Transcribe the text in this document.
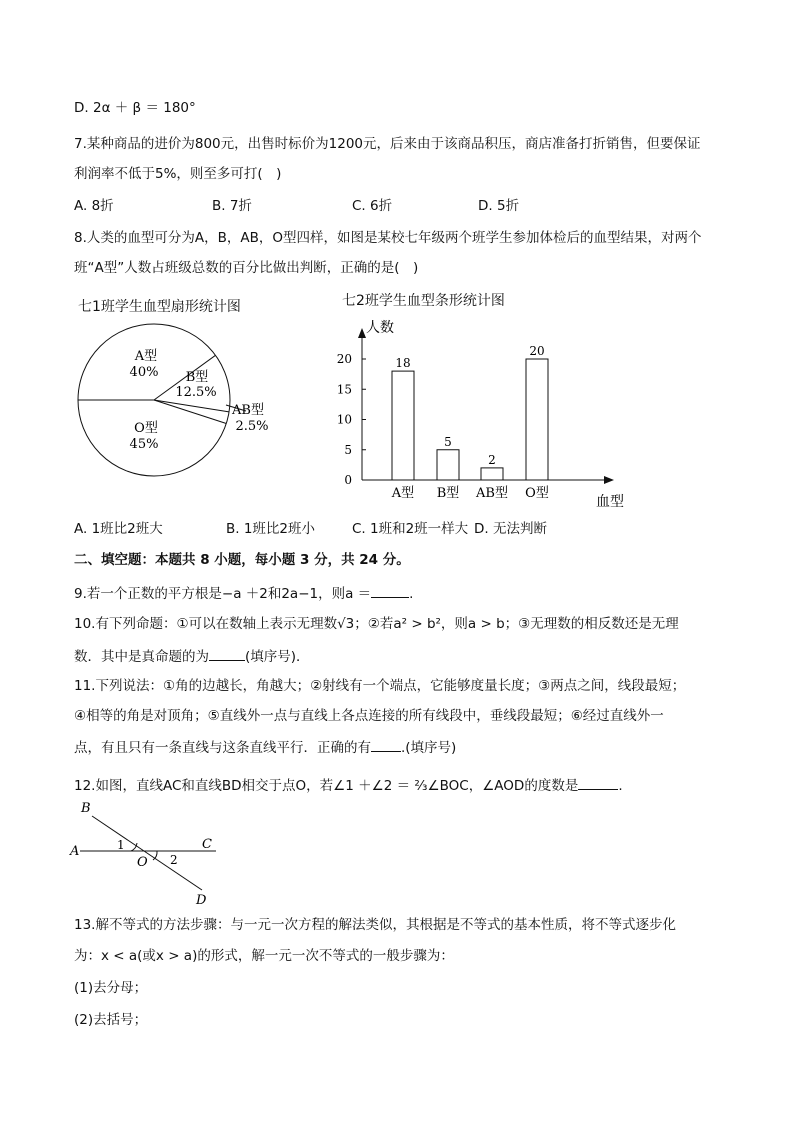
D. 2α ＋ β ＝ 180°
7.某种商品的进价为800元，出售时标价为1200元，后来由于该商品积压，商店准备打折销售，但要保证
利润率不低于5%，则至多可打(　)
A. 8折	B. 7折	C. 6折	D. 5折
8.人类的血型可分为A，B，AB，O型四样，如图是某校七年级两个班学生参加体检后的血型结果，对两个
班“A型”人数占班级总数的百分比做出判断，正确的是(　)
七1班学生血型扇形统计图
A型
40% B型
12.5%
AB型
2.5%
O型
45%
七2班学生血型条形统计图
人数
血型
0
5
10
15
20	18
A型
5
B型
2
AB型
20
O型
A. 1班比2班大	B. 1班比2班小	C. 1班和2班一样大 D. 无法判断
二、填空题：本题共 8 小题，每小题 3 分，共 24 分。
9.若一个正数的平方根是−a ＋2和2a−1，则a ＝	.
10.有下列命题：①可以在数轴上表示无理数√3；②若a² > b²，则a > b；③无理数的相反数还是无理
数．其中是真命题的为	(填序号)．
11.下列说法：①角的边越长，角越大；②射线有一个端点，它能够度量长度；③两点之间，线段最短；
④相等的角是对顶角；⑤直线外一点与直线上各点连接的所有线段中，垂线段最短；⑥经过直线外一
点，有且只有一条直线与这条直线平行．正确的有 .(填序号)
12.如图，直线AC和直线BD相交于点O，若∠1 ＋∠2 ＝ ⅔∠BOC，∠AOD的度数是	.
B
A	C
D
O
1
2
13.解不等式的方法步骤：与一元一次方程的解法类似，其根据是不等式的基本性质，将不等式逐步化
为：x < a(或x > a)的形式，解一元一次不等式的一般步骤为：
(1)去分母；
(2)去括号；
